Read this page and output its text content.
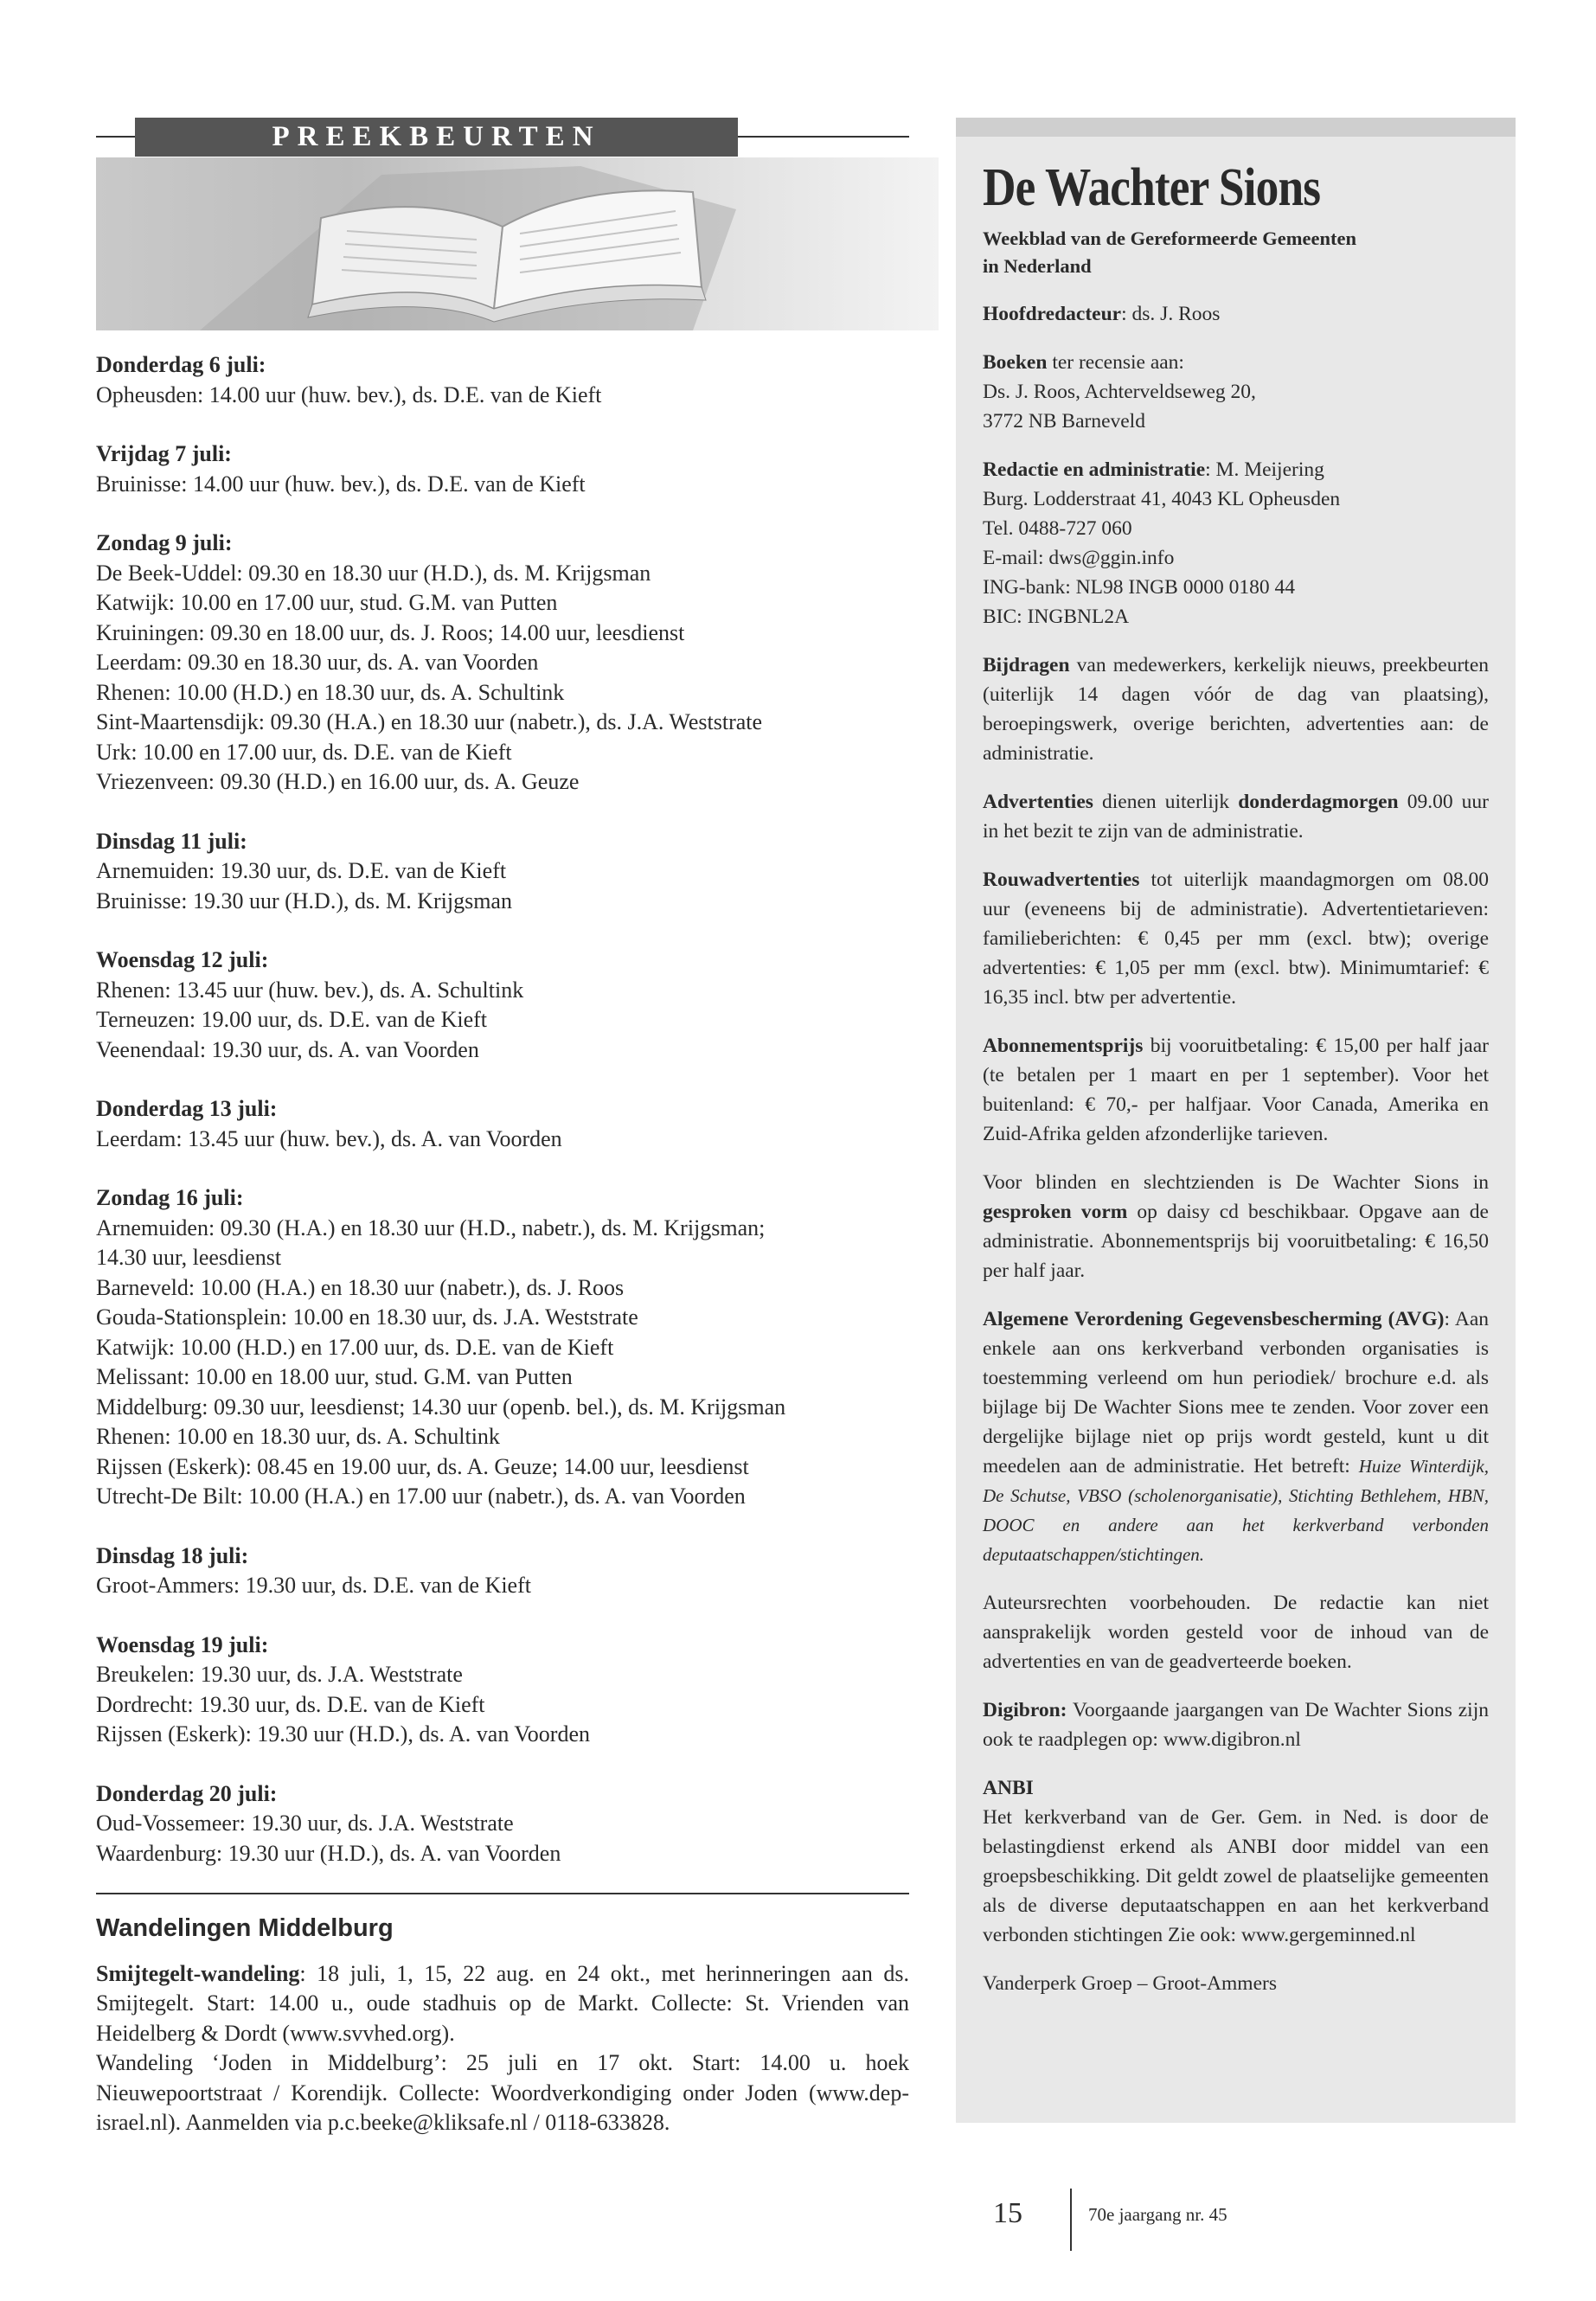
PREEKBEURTEN
Donderdag 6 juli:
Opheusden: 14.00 uur (huw. bev.), ds. D.E. van de Kieft
Vrijdag 7 juli:
Bruinisse: 14.00 uur (huw. bev.), ds. D.E. van de Kieft
Zondag 9 juli:
De Beek-Uddel: 09.30 en 18.30 uur (H.D.), ds. M. Krijgsman
Katwijk: 10.00 en 17.00 uur, stud. G.M. van Putten
Kruiningen: 09.30 en 18.00 uur, ds. J. Roos; 14.00 uur, leesdienst
Leerdam: 09.30 en 18.30 uur, ds. A. van Voorden
Rhenen: 10.00 (H.D.) en 18.30 uur, ds. A. Schultink
Sint-Maartensdijk: 09.30 (H.A.) en 18.30 uur (nabetr.), ds. J.A. Weststrate
Urk: 10.00 en 17.00 uur, ds. D.E. van de Kieft
Vriezenveen: 09.30 (H.D.) en 16.00 uur, ds. A. Geuze
Dinsdag 11 juli:
Arnemuiden: 19.30 uur, ds. D.E. van de Kieft
Bruinisse: 19.30 uur (H.D.), ds. M. Krijgsman
Woensdag 12 juli:
Rhenen: 13.45 uur (huw. bev.), ds. A. Schultink
Terneuzen: 19.00 uur, ds. D.E. van de Kieft
Veenendaal: 19.30 uur, ds. A. van Voorden
Donderdag 13 juli:
Leerdam: 13.45 uur (huw. bev.), ds. A. van Voorden
Zondag 16 juli:
Arnemuiden: 09.30 (H.A.) en 18.30 uur (H.D., nabetr.), ds. M. Krijgsman;
14.30 uur, leesdienst
Barneveld: 10.00 (H.A.) en 18.30 uur (nabetr.), ds. J. Roos
Gouda-Stationsplein: 10.00 en 18.30 uur, ds. J.A. Weststrate
Katwijk: 10.00 (H.D.) en 17.00 uur, ds. D.E. van de Kieft
Melissant: 10.00 en 18.00 uur, stud. G.M. van Putten
Middelburg: 09.30 uur, leesdienst; 14.30 uur (openb. bel.), ds. M. Krijgsman
Rhenen: 10.00 en 18.30 uur, ds. A. Schultink
Rijssen (Eskerk): 08.45 en 19.00 uur, ds. A. Geuze; 14.00 uur, leesdienst
Utrecht-De Bilt: 10.00 (H.A.) en 17.00 uur (nabetr.), ds. A. van Voorden
Dinsdag 18 juli:
Groot-Ammers: 19.30 uur, ds. D.E. van de Kieft
Woensdag 19 juli:
Breukelen: 19.30 uur, ds. J.A. Weststrate
Dordrecht: 19.30 uur, ds. D.E. van de Kieft
Rijssen (Eskerk): 19.30 uur (H.D.), ds. A. van Voorden
Donderdag 20 juli:
Oud-Vossemeer: 19.30 uur, ds. J.A. Weststrate
Waardenburg: 19.30 uur (H.D.), ds. A. van Voorden
Wandelingen Middelburg

Smijtegelt-wandeling: 18 juli, 1, 15, 22 aug. en 24 okt., met herinneringen aan ds. Smijtegelt. Start: 14.00 u., oude stadhuis op de Markt. Collecte: St. Vrienden van Heidelberg & Dordt (www.svvhed.org).

Wandeling ‘Joden in Middelburg’: 25 juli en 17 okt. Start: 14.00 u. hoek Nieuwepoortstraat / Korendijk. Collecte: Woordverkondiging onder Joden (www.dep-israel.nl). Aanmelden via p.c.beeke@kliksafe.nl / 0118-633828.

De Wachter Sions
Weekblad van de Gereformeerde Gemeenten
in Nederland
Hoofdredacteur: ds. J. Roos
Boeken ter recensie aan:
Ds. J. Roos, Achterveldseweg 20,
3772 NB Barneveld
Redactie en administratie: M. Meijering
Burg. Lodderstraat 41, 4043 KL Opheusden
Tel. 0488-727 060
E-mail: dws@ggin.info
ING-bank: NL98 INGB 0000 0180 44
BIC: INGBNL2A
Bijdragen van medewerkers, kerkelijk nieuws, preekbeurten (uiterlijk 14 dagen vóór de dag van plaatsing), beroepingswerk, overige berichten, advertenties aan: de administratie.
Advertenties dienen uiterlijk donderdagmorgen 09.00 uur in het bezit te zijn van de administratie.
Rouwadvertenties tot uiterlijk maandagmorgen om 08.00 uur (eveneens bij de administratie). Advertentietarieven: familieberichten: € 0,45 per mm (excl. btw); overige advertenties: € 1,05 per mm (excl. btw). Minimumtarief: € 16,35 incl. btw per advertentie.
Abonnementsprijs bij vooruitbetaling: € 15,00 per half jaar (te betalen per 1 maart en per 1 september). Voor het buitenland: € 70,- per halfjaar. Voor Canada, Amerika en Zuid-Afrika gelden afzonderlijke tarieven.
Voor blinden en slechtzienden is De Wachter Sions in gesproken vorm op daisy cd beschikbaar. Opgave aan de administratie. Abonnementsprijs bij vooruitbetaling: € 16,50 per half jaar.
Algemene Verordening Gegevensbescherming (AVG): Aan enkele aan ons kerkverband verbonden organisaties is toestemming verleend om hun periodiek/ brochure e.d. als bijlage bij De Wachter Sions mee te zenden. Voor zover een dergelijke bijlage niet op prijs wordt gesteld, kunt u dit meedelen aan de administratie. Het betreft: Huize Winterdijk, De Schutse, VBSO (scholenorganisatie), Stichting Bethlehem, HBN, DOOC en andere aan het kerkverband verbonden deputaatschappen/stichtingen.
Auteursrechten voorbehouden. De redactie kan niet aansprakelijk worden gesteld voor de inhoud van de advertenties en van de geadverteerde boeken.
Digibron: Voorgaande jaargangen van De Wachter Sions zijn ook te raadplegen op: www.digibron.nl
ANBI
Het kerkverband van de Ger. Gem. in Ned. is door de belastingdienst erkend als ANBI door middel van een groepsbeschikking. Dit geldt zowel de plaatselijke gemeenten als de diverse deputaatschappen en aan het kerkverband verbonden stichtingen Zie ook: www.gergeminned.nl
Vanderperk Groep – Groot-Ammers
15	70e jaargang nr. 45
